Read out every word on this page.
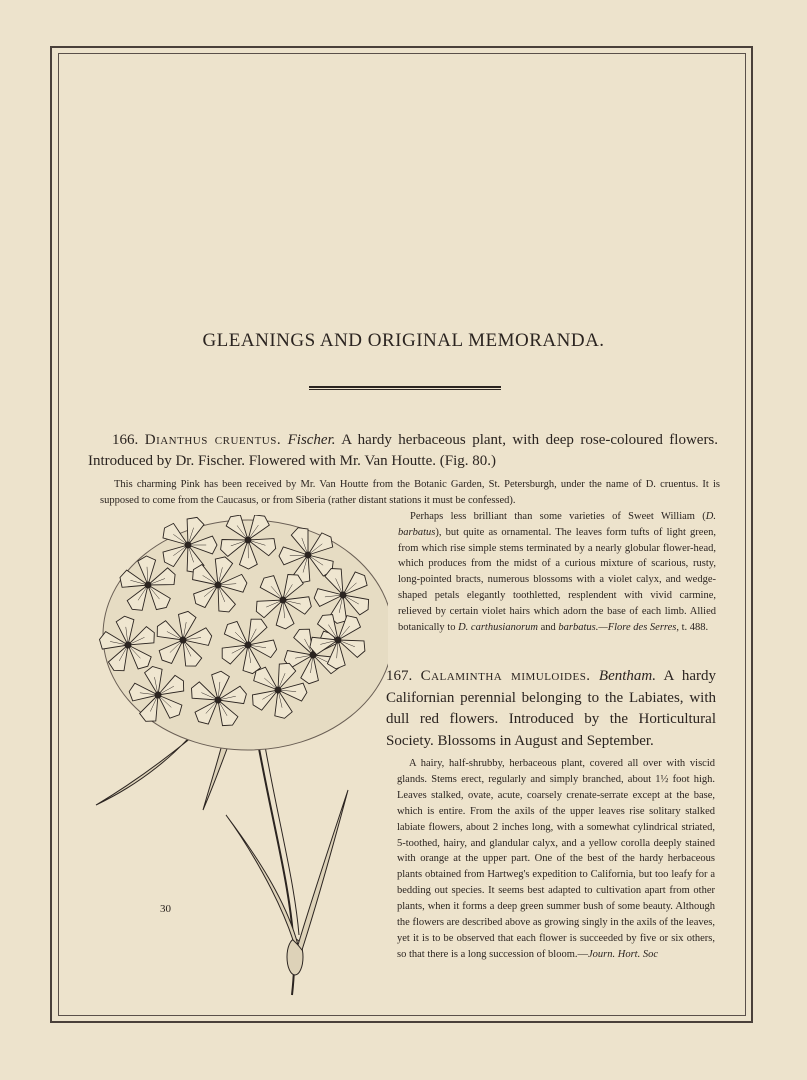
GLEANINGS AND ORIGINAL MEMORANDA.
166. Dianthus cruentus. Fischer. A hardy herbaceous plant, with deep rose-coloured flowers. Introduced by Dr. Fischer. Flowered with Mr. Van Houtte. (Fig. 80.)
This charming Pink has been received by Mr. Van Houtte from the Botanic Garden, St. Petersburgh, under the name of D. cruentus. It is supposed to come from the Caucasus, or from Siberia (rather distant stations it must be confessed).
Perhaps less brilliant than some varieties of Sweet William (D. barbatus), but quite as ornamental. The leaves form tufts of light green, from which rise simple stems terminated by a nearly globular flower-head, which produces from the midst of a curious mixture of scarious, rusty, long-pointed bracts, numerous blossoms with a violet calyx, and wedge-shaped petals elegantly toothletted, resplendent with vivid carmine, relieved by certain violet hairs which adorn the base of each limb. Allied botanically to D. carthusianorum and barbatus.—Flore des Serres, t. 488.
167. Calamintha mimuloides. Bentham. A hardy Californian perennial belonging to the Labiates, with dull red flowers. Introduced by the Horticultural Society. Blossoms in August and September.
A hairy, half-shrubby, herbaceous plant, covered all over with viscid glands. Stems erect, regularly and simply branched, about 1½ foot high. Leaves stalked, ovate, acute, coarsely crenate-serrate except at the base, which is entire. From the axils of the upper leaves rise solitary stalked labiate flowers, about 2 inches long, with a somewhat cylindrical striated, 5-toothed, hairy, and glandular calyx, and a yellow corolla deeply stained with orange at the upper part. One of the best of the hardy herbaceous plants obtained from Hartweg's expedition to California, but too leafy for a bedding out species. It seems best adapted to cultivation apart from other plants, when it forms a deep green summer bush of some beauty. Although the flowers are described above as growing singly in the axils of the leaves, yet it is to be observed that each flower is succeeded by five or six others, so that there is a long succession of bloom.—Journ. Hort. Soc
30
